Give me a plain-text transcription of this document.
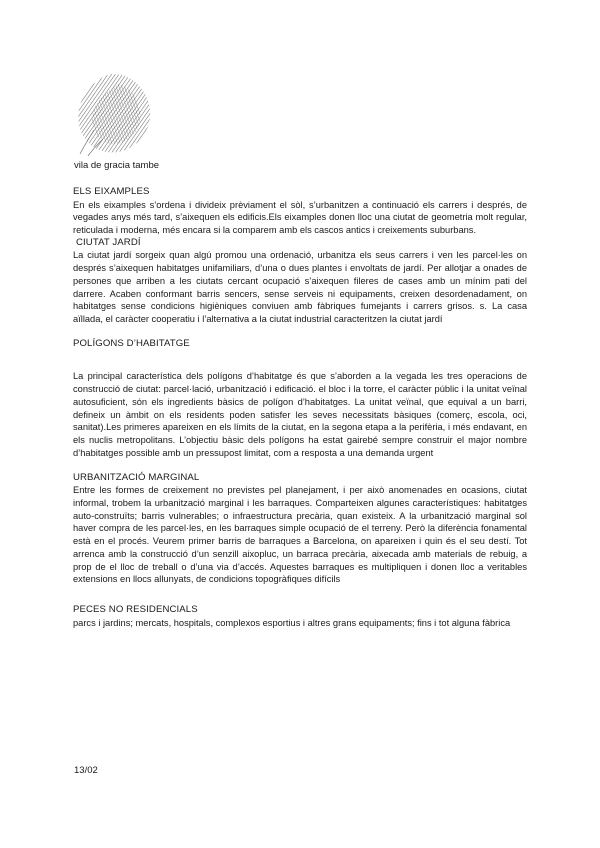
vila de gracia tambe

ELS EIXAMPLES

En els eixamples s’ordena i divideix prèviament el sòl, s’urbanitzen a continuació els carrers i després, de vegades anys més tard, s’aixequen els edificis.Els eixamples donen lloc una ciutat de geometria molt regular, reticulada i moderna, més encara si la comparem amb els cascos antics i creixements suburbans.

CIUTAT JARDÍ

La ciutat jardí sorgeix quan algú promou una ordenació, urbanitza els seus carrers i ven les parcel·les on després s’aixequen habitatges unifamiliars, d’una o dues plantes i envoltats de jardí. Per allotjar a onades de persones que arriben a les ciutats cercant ocupació s’aixequen fileres de cases amb un mínim pati del darrere. Acaben conformant barris sencers, sense serveis ni equipaments, creixen desordenadament, on habitatges sense condicions higièniques conviuen amb fàbriques fumejants i carrers grisos. s. La casa aïllada, el caràcter cooperatiu i l’alternativa a la ciutat industrial caracteritzen la ciutat jardí

POLÍGONS D’HABITATGE

La principal característica dels polígons d’habitatge és que s’aborden a la vegada les tres operacions de construcció de ciutat: parcel·lació, urbanització i edificació. el bloc i la torre, el caràcter públic i la unitat veïnal autosuficient, són els ingredients bàsics de polígon d’habitatges. La unitat veïnal, que equival a un barri, defineix un àmbit on els residents poden satisfer les seves necessitats bàsiques (comerç, escola, oci, sanitat).Les primeres apareixen en els límits de la ciutat, en la segona etapa a la perifèria, i més endavant, en els nuclis metropolitans. L’objectiu bàsic dels polígons ha estat gairebé sempre construir el major nombre d’habitatges possible amb un pressupost limitat, com a resposta a una demanda urgent

URBANITZACIÓ MARGINAL

Entre les formes de creixement no previstes pel planejament, i per això anomenades en ocasions, ciutat informal, trobem la urbanització marginal i les barraques. Comparteixen algunes característiques: habitatges auto-construïts; barris vulnerables; o infraestructura precària, quan existeix. A la urbanització marginal sol haver compra de les parcel·les, en les barraques simple ocupació de el terreny. Però la diferència fonamental està en el procés. Veurem primer barris de barraques a Barcelona, on apareixen i quin és el seu destí. Tot arrenca amb la construcció d’un senzill aixopluc, un barraca precària, aixecada amb materials de rebuig, a prop de el lloc de treball o d’una via d’accés. Aquestes barraques es multipliquen i donen lloc a veritables extensions en llocs allunyats, de condicions topogràfiques difícils

PECES NO RESIDENCIALS

parcs i jardins; mercats, hospitals, complexos esportius i altres grans equipaments; fins i tot alguna fàbrica

13/02
